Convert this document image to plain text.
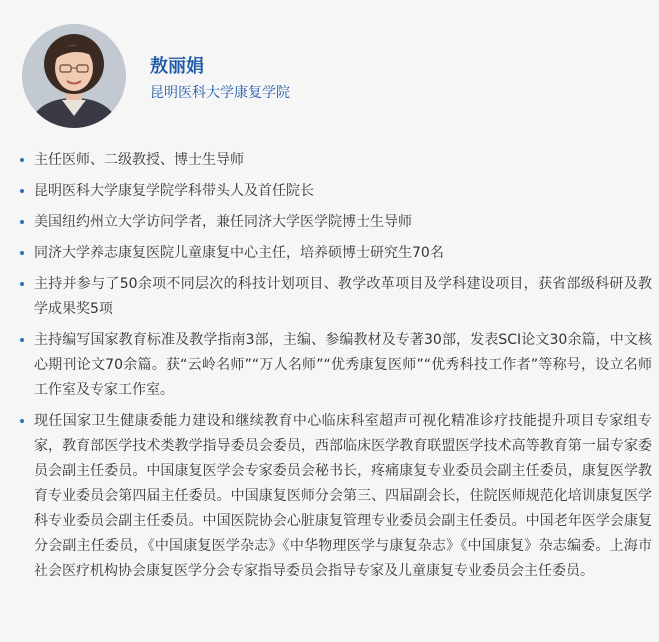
敖丽娟
昆明医科大学康复学院
主任医师、二级教授、博士生导师
昆明医科大学康复学院学科带头人及首任院长
美国纽约州立大学访问学者，兼任同济大学医学院博士生导师
同济大学养志康复医院儿童康复中心主任，培养硕博士研究生70名
主持并参与了50余项不同层次的科技计划项目、教学改革项目及学科建设项目，获省部级科研及教学成果奖5项
主持编写国家教育标准及教学指南3部，主编、参编教材及专著30部，发表SCI论文30余篇，中文核心期刊论文70余篇。获“云岭名师”“万人名师”“优秀康复医师”“优秀科技工作者”等称号，设立名师工作室及专家工作室。
现任国家卫生健康委能力建设和继续教育中心临床科室超声可视化精准诊疗技能提升项目专家组专家，教育部医学技术类教学指导委员会委员，西部临床医学教育联盟医学技术高等教育第一届专家委员会副主任委员。中国康复医学会专家委员会秘书长，疼痛康复专业委员会副主任委员，康复医学教育专业委员会第四届主任委员。中国康复医师分会第三、四届副会长，住院医师规范化培训康复医学科专业委员会副主任委员。中国医院协会心脏康复管理专业委员会副主任委员。中国老年医学会康复分会副主任委员，《中国康复医学杂志》《中华物理医学与康复杂志》《中国康复》杂志编委。上海市社会医疗机构协会康复医学分会专家指导委员会指导专家及儿童康复专业委员会主任委员。
